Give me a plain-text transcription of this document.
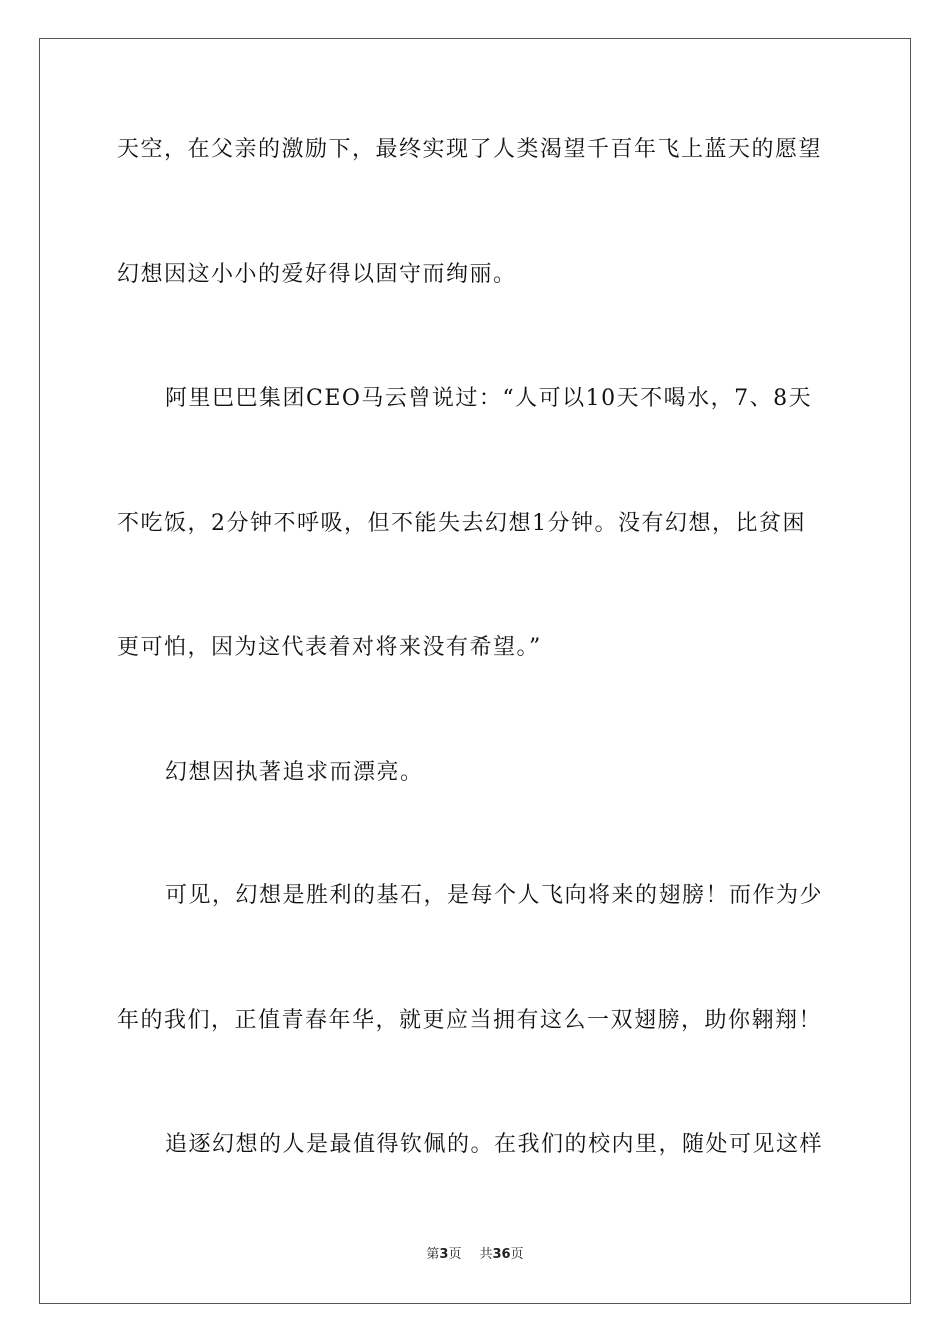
天空，在父亲的激励下，最终实现了人类渴望千百年飞上蓝天的愿望
幻想因这小小的爱好得以固守而绚丽。
阿里巴巴集团CEO马云曾说过：“人可以10天不喝水，7、8天
不吃饭，2分钟不呼吸，但不能失去幻想1分钟。没有幻想，比贫困
更可怕，因为这代表着对将来没有希望。”
幻想因执著追求而漂亮。
可见，幻想是胜利的基石，是每个人飞向将来的翅膀！而作为少
年的我们，正值青春年华，就更应当拥有这么一双翅膀，助你翱翔！
追逐幻想的人是最值得钦佩的。在我们的校内里，随处可见这样
第3页 共36页
